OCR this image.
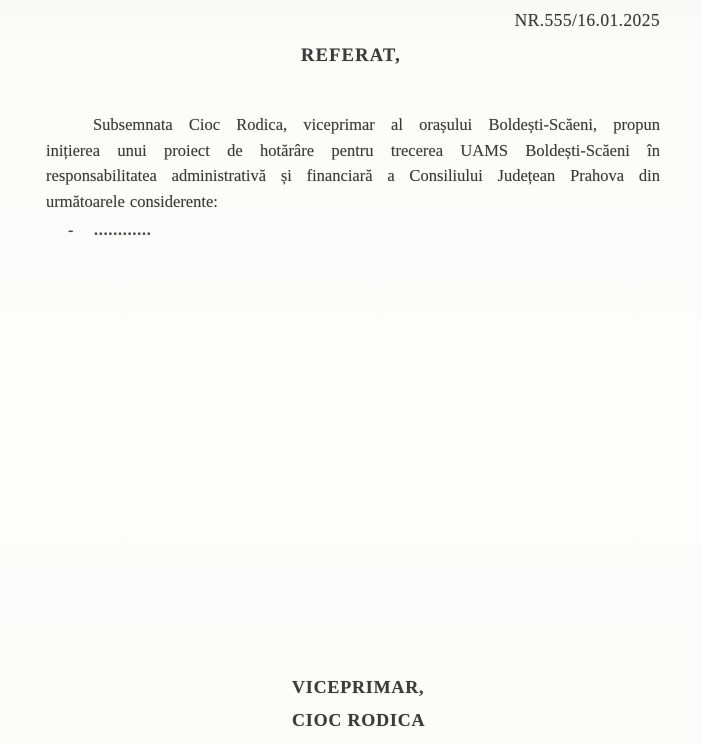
NR.555/16.01.2025
REFERAT,
Subsemnata Cioc Rodica, viceprimar al orașului Boldești-Scăeni, propun
inițierea unui proiect de hotărâre pentru trecerea UAMS Boldești-Scăeni în
responsabilitatea administrativă și financiară a Consiliului Județean Prahova din
următoarele considerente:
-	............
VICEPRIMAR,
CIOC RODICA
